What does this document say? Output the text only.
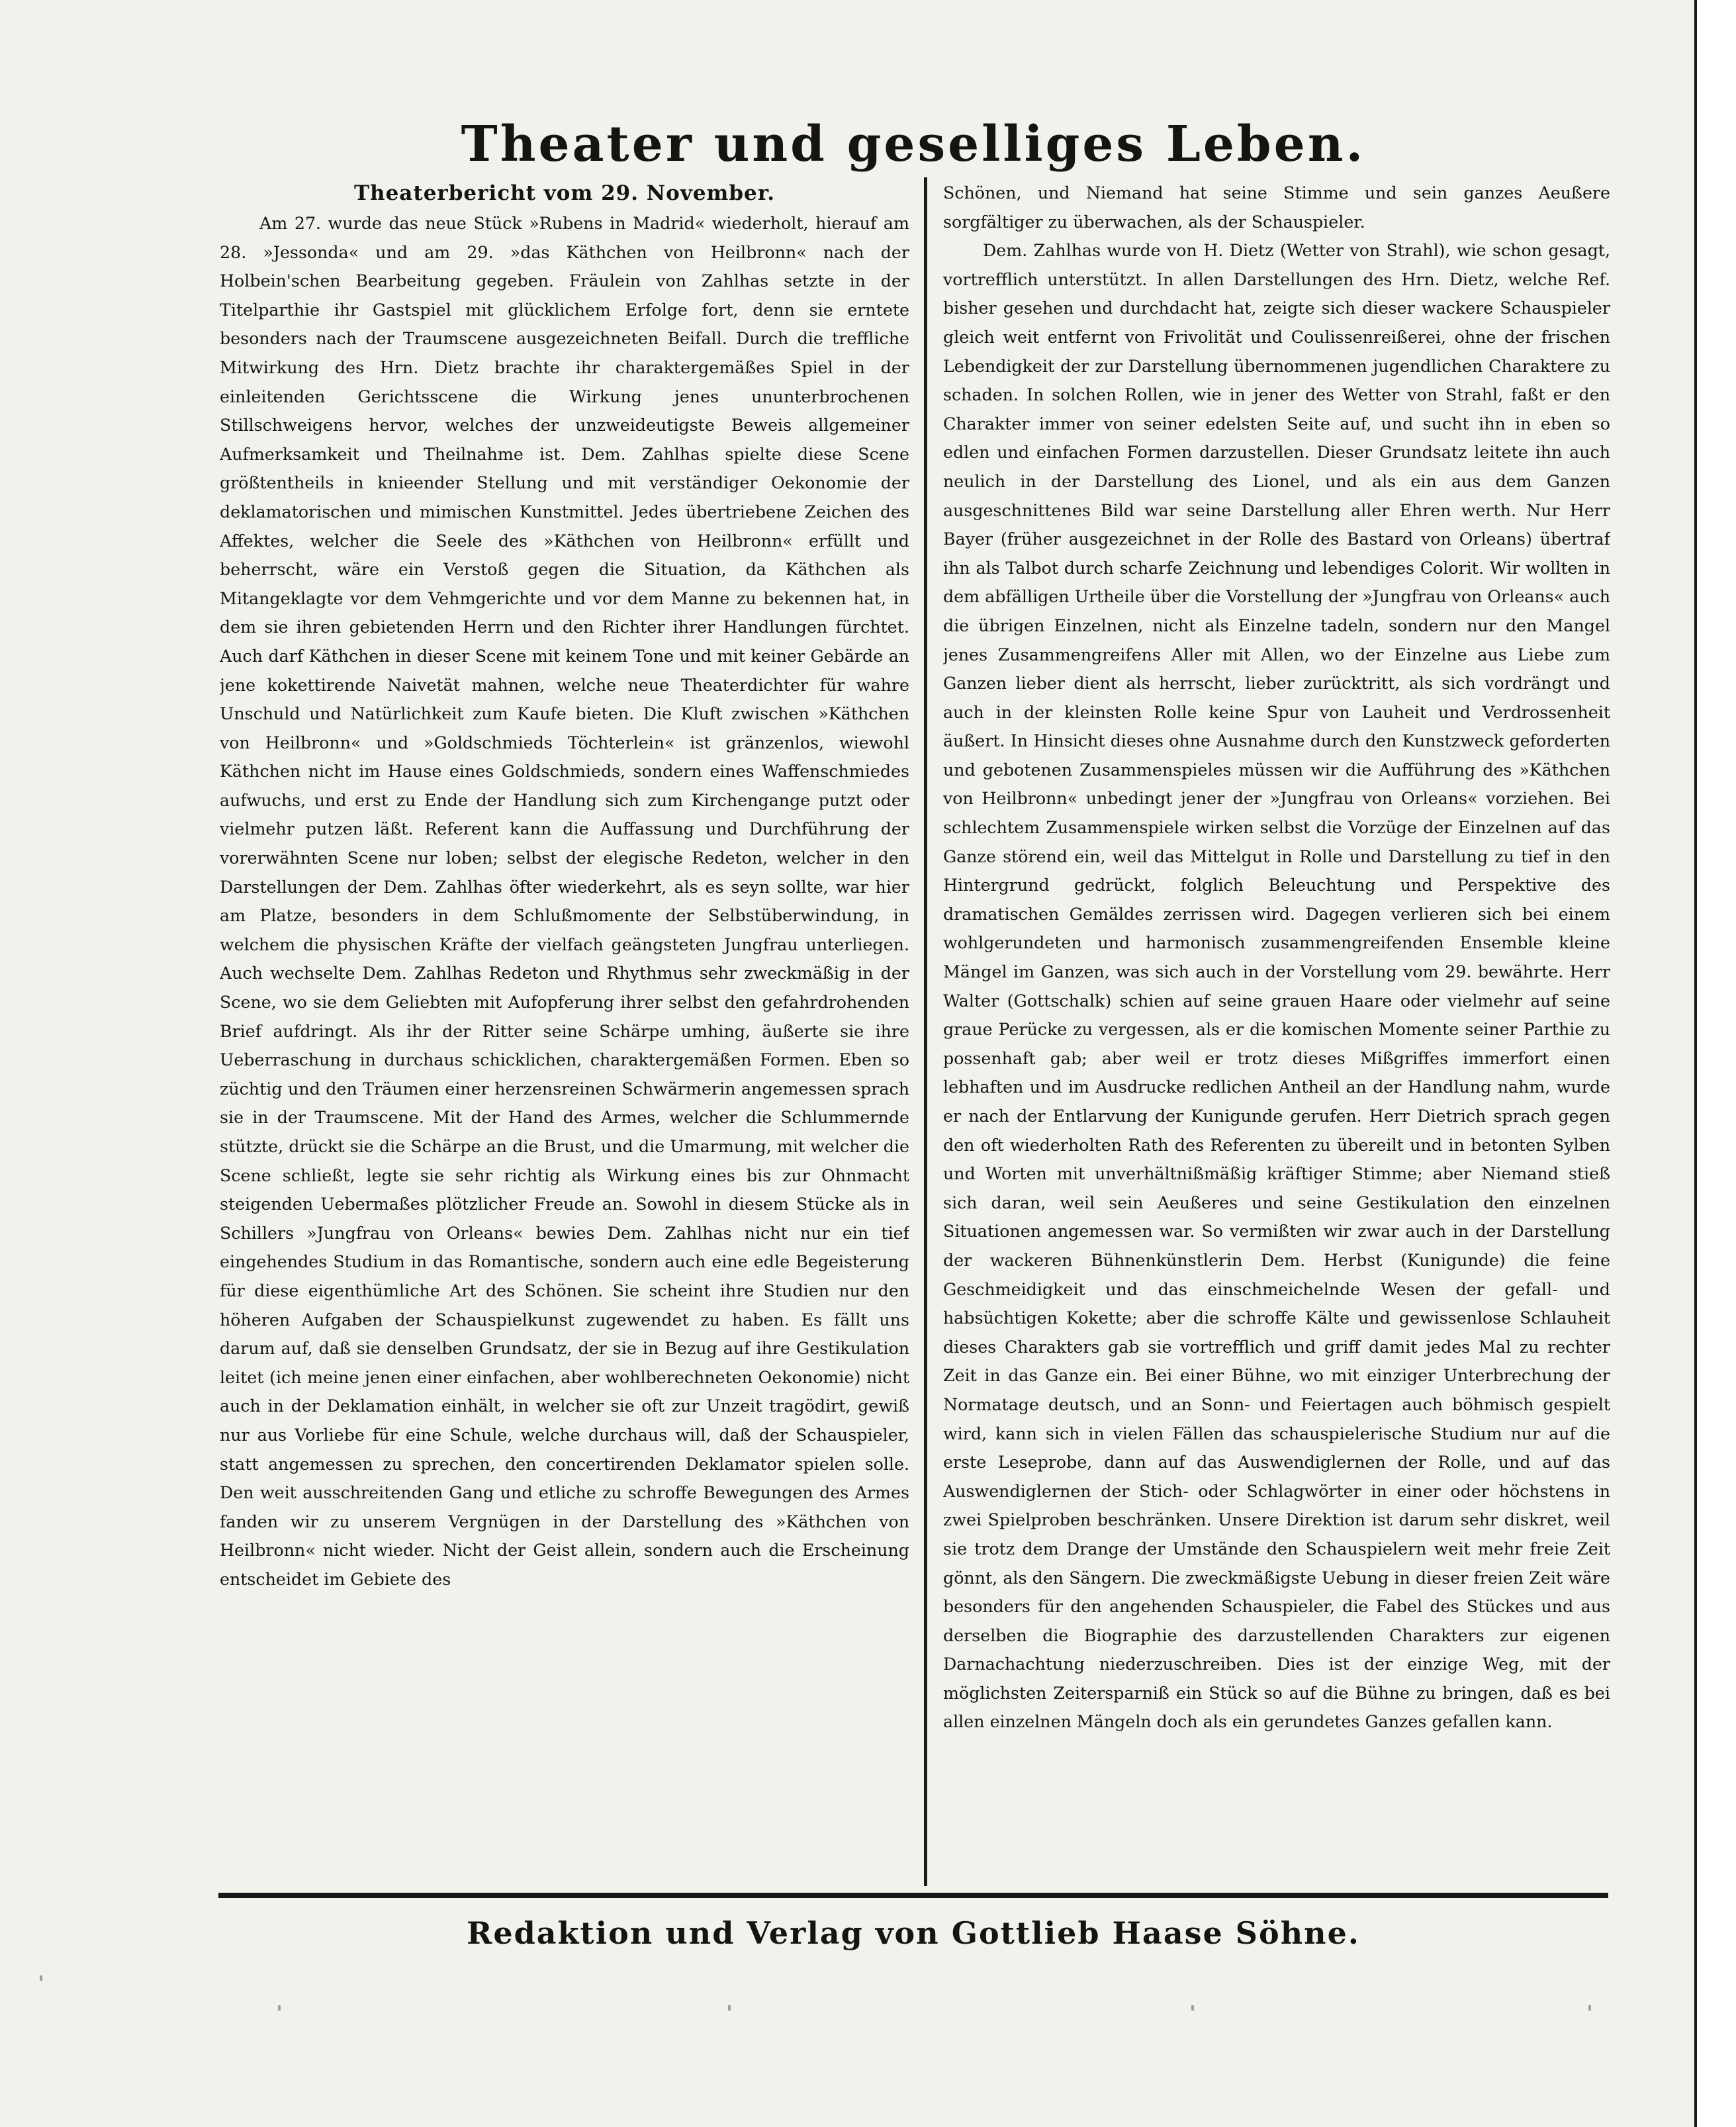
Theater und geselliges Leben.
Theaterbericht vom 29. November.

Am 27. wurde das neue Stück »Rubens in Madrid« wiederholt, hierauf am 28. »Jessonda« und am 29. »das Käthchen von Heilbronn« nach der Holbein'schen Bearbeitung gegeben. Fräulein von Zahlhas setzte in der Titelparthie ihr Gastspiel mit glücklichem Erfolge fort, denn sie erntete besonders nach der Traumscene ausgezeichneten Beifall. Durch die treffliche Mitwirkung des Hrn. Dietz brachte ihr charaktergemäßes Spiel in der einleitenden Gerichtsscene die Wirkung jenes ununterbrochenen Stillschweigens hervor, welches der unzweideutigste Beweis allgemeiner Aufmerksamkeit und Theilnahme ist. Dem. Zahlhas spielte diese Scene größtentheils in knieender Stellung und mit verständiger Oekonomie der deklamatorischen und mimischen Kunstmittel. Jedes übertriebene Zeichen des Affektes, welcher die Seele des »Käthchen von Heilbronn« erfüllt und beherrscht, wäre ein Verstoß gegen die Situation, da Käthchen als Mitangeklagte vor dem Vehmgerichte und vor dem Manne zu bekennen hat, in dem sie ihren gebietenden Herrn und den Richter ihrer Handlungen fürchtet. Auch darf Käthchen in dieser Scene mit keinem Tone und mit keiner Gebärde an jene kokettirende Naivetät mahnen, welche neue Theaterdichter für wahre Unschuld und Natürlichkeit zum Kaufe bieten. Die Kluft zwischen »Käthchen von Heilbronn« und »Goldschmieds Töchterlein« ist gränzenlos, wiewohl Käthchen nicht im Hause eines Goldschmieds, sondern eines Waffenschmiedes aufwuchs, und erst zu Ende der Handlung sich zum Kirchengange putzt oder vielmehr putzen läßt. Referent kann die Auffassung und Durchführung der vorerwähnten Scene nur loben; selbst der elegische Redeton, welcher in den Darstellungen der Dem. Zahlhas öfter wiederkehrt, als es seyn sollte, war hier am Platze, besonders in dem Schlußmomente der Selbstüberwindung, in welchem die physischen Kräfte der vielfach geängsteten Jungfrau unterliegen. Auch wechselte Dem. Zahlhas Redeton und Rhythmus sehr zweckmäßig in der Scene, wo sie dem Geliebten mit Aufopferung ihrer selbst den gefahrdrohenden Brief aufdringt. Als ihr der Ritter seine Schärpe umhing, äußerte sie ihre Ueberraschung in durchaus schicklichen, charaktergemäßen Formen. Eben so züchtig und den Träumen einer herzensreinen Schwärmerin angemessen sprach sie in der Traumscene. Mit der Hand des Armes, welcher die Schlummernde stützte, drückt sie die Schärpe an die Brust, und die Umarmung, mit welcher die Scene schließt, legte sie sehr richtig als Wirkung eines bis zur Ohnmacht steigenden Uebermaßes plötzlicher Freude an. Sowohl in diesem Stücke als in Schillers »Jungfrau von Orleans« bewies Dem. Zahlhas nicht nur ein tief eingehendes Studium in das Romantische, sondern auch eine edle Begeisterung für diese eigenthümliche Art des Schönen. Sie scheint ihre Studien nur den höheren Aufgaben der Schauspielkunst zugewendet zu haben. Es fällt uns darum auf, daß sie denselben Grundsatz, der sie in Bezug auf ihre Gestikulation leitet (ich meine jenen einer einfachen, aber wohlberechneten Oekonomie) nicht auch in der Deklamation einhält, in welcher sie oft zur Unzeit tragödirt, gewiß nur aus Vorliebe für eine Schule, welche durchaus will, daß der Schauspieler, statt angemessen zu sprechen, den concertirenden Deklamator spielen solle. Den weit ausschreitenden Gang und etliche zu schroffe Bewegungen des Armes fanden wir zu unserem Vergnügen in der Darstellung des »Käthchen von Heilbronn« nicht wieder. Nicht der Geist allein, sondern auch die Erscheinung entscheidet im Gebiete des

Schönen, und Niemand hat seine Stimme und sein ganzes Aeußere sorgfältiger zu überwachen, als der Schauspieler.

Dem. Zahlhas wurde von H. Dietz (Wetter von Strahl), wie schon gesagt, vortrefflich unterstützt. In allen Darstellungen des Hrn. Dietz, welche Ref. bisher gesehen und durchdacht hat, zeigte sich dieser wackere Schauspieler gleich weit entfernt von Frivolität und Coulissenreißerei, ohne der frischen Lebendigkeit der zur Darstellung übernommenen jugendlichen Charaktere zu schaden. In solchen Rollen, wie in jener des Wetter von Strahl, faßt er den Charakter immer von seiner edelsten Seite auf, und sucht ihn in eben so edlen und einfachen Formen darzustellen. Dieser Grundsatz leitete ihn auch neulich in der Darstellung des Lionel, und als ein aus dem Ganzen ausgeschnittenes Bild war seine Darstellung aller Ehren werth. Nur Herr Bayer (früher ausgezeichnet in der Rolle des Bastard von Orleans) übertraf ihn als Talbot durch scharfe Zeichnung und lebendiges Colorit. Wir wollten in dem abfälligen Urtheile über die Vorstellung der »Jungfrau von Orleans« auch die übrigen Einzelnen, nicht als Einzelne tadeln, sondern nur den Mangel jenes Zusammengreifens Aller mit Allen, wo der Einzelne aus Liebe zum Ganzen lieber dient als herrscht, lieber zurücktritt, als sich vordrängt und auch in der kleinsten Rolle keine Spur von Lauheit und Verdrossenheit äußert. In Hinsicht dieses ohne Ausnahme durch den Kunstzweck geforderten und gebotenen Zusammenspieles müssen wir die Aufführung des »Käthchen von Heilbronn« unbedingt jener der »Jungfrau von Orleans« vorziehen. Bei schlechtem Zusammenspiele wirken selbst die Vorzüge der Einzelnen auf das Ganze störend ein, weil das Mittelgut in Rolle und Darstellung zu tief in den Hintergrund gedrückt, folglich Beleuchtung und Perspektive des dramatischen Gemäldes zerrissen wird. Dagegen verlieren sich bei einem wohlgerundeten und harmonisch zusammengreifenden Ensemble kleine Mängel im Ganzen, was sich auch in der Vorstellung vom 29. bewährte. Herr Walter (Gottschalk) schien auf seine grauen Haare oder vielmehr auf seine graue Perücke zu vergessen, als er die komischen Momente seiner Parthie zu possenhaft gab; aber weil er trotz dieses Mißgriffes immerfort einen lebhaften und im Ausdrucke redlichen Antheil an der Handlung nahm, wurde er nach der Entlarvung der Kunigunde gerufen. Herr Dietrich sprach gegen den oft wiederholten Rath des Referenten zu übereilt und in betonten Sylben und Worten mit unverhältnißmäßig kräftiger Stimme; aber Niemand stieß sich daran, weil sein Aeußeres und seine Gestikulation den einzelnen Situationen angemessen war. So vermißten wir zwar auch in der Darstellung der wackeren Bühnenkünstlerin Dem. Herbst (Kunigunde) die feine Geschmeidigkeit und das einschmeichelnde Wesen der gefall- und habsüchtigen Kokette; aber die schroffe Kälte und gewissenlose Schlauheit dieses Charakters gab sie vortrefflich und griff damit jedes Mal zu rechter Zeit in das Ganze ein. Bei einer Bühne, wo mit einziger Unterbrechung der Normatage deutsch, und an Sonn- und Feiertagen auch böhmisch gespielt wird, kann sich in vielen Fällen das schauspielerische Studium nur auf die erste Leseprobe, dann auf das Auswendiglernen der Rolle, und auf das Auswendiglernen der Stich- oder Schlagwörter in einer oder höchstens in zwei Spielproben beschränken. Unsere Direktion ist darum sehr diskret, weil sie trotz dem Drange der Umstände den Schauspielern weit mehr freie Zeit gönnt, als den Sängern. Die zweckmäßigste Uebung in dieser freien Zeit wäre besonders für den angehenden Schauspieler, die Fabel des Stückes und aus derselben die Biographie des darzustellenden Charakters zur eigenen Darnachachtung niederzuschreiben. Dies ist der einzige Weg, mit der möglichsten Zeitersparniß ein Stück so auf die Bühne zu bringen, daß es bei allen einzelnen Mängeln doch als ein gerundetes Ganzes gefallen kann.

Redaktion und Verlag von Gottlieb Haase Söhne.
